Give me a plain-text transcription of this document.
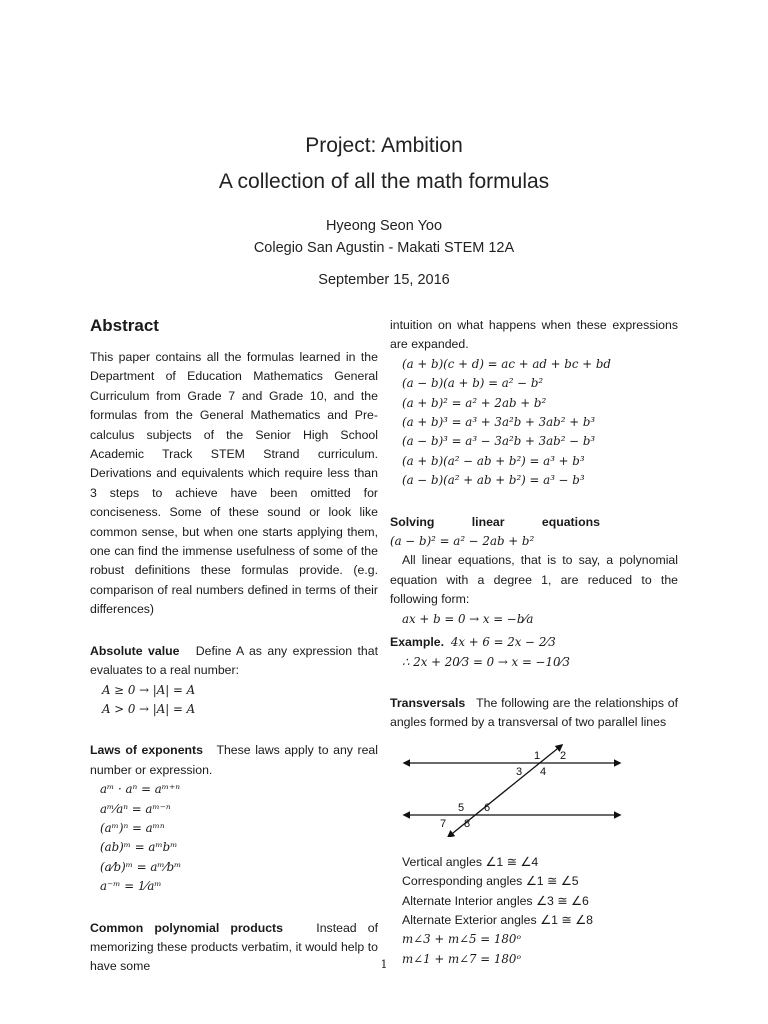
Project: Ambition
A collection of all the math formulas
Hyeong Seon Yoo
Colegio San Agustin - Makati STEM 12A
September 15, 2016
Abstract

This paper contains all the formulas learned in the Department of Education Mathematics General Curriculum from Grade 7 and Grade 10, and the formulas from the General Mathematics and Pre-calculus subjects of the Senior High School Academic Track STEM Strand curriculum. Derivations and equivalents which require less than 3 steps to achieve have been omitted for conciseness. Some of these sound or look like common sense, but when one starts applying them, one can find the immense usefulness of some of the robust definitions these formulas provide. (e.g. comparison of real numbers defined in terms of their differences)

Absolute value Define A as any expression that evaluates to a real number:

A ≥ 0 → |A| = A
A > 0 → |A| = A

Laws of exponents These laws apply to any real number or expression.

aᵐ · aⁿ = aᵐ⁺ⁿ
aᵐ⁄aⁿ = aᵐ⁻ⁿ
(aᵐ)ⁿ = aᵐⁿ
(ab)ᵐ = aᵐbᵐ
(a⁄b)ᵐ = aᵐ⁄bᵐ
a⁻ᵐ = 1⁄aᵐ

Common polynomial products	Instead of memorizing these products verbatim, it would help to have some

intuition on what happens when these expressions are expanded.

(a + b)(c + d) = ac + ad + bc + bd
(a − b)(a + b) = a² − b²
(a + b)² = a² + 2ab + b²
(a + b)³ = a³ + 3a²b + 3ab² + b³
(a − b)³ = a³ − 3a²b + 3ab² − b³
(a + b)(a² − ab + b²) = a³ + b³
(a − b)(a² + ab + b²) = a³ − b³

Solving linear equations    (a − b)² = a² − 2ab + b²

All linear equations, that is to say, a polynomial equation with a degree 1, are reduced to the following form:

ax + b = 0 → x = −b⁄a

Example. 4x + 6 = 2x − 2⁄3

∴ 2x + 20⁄3 = 0 → x = −10⁄3

Transversals The following are the relationships of angles formed by a transversal of two parallel lines

1 2
3 4
5 6
7 8
Vertical angles ∠1 ≅ ∠4
Corresponding angles ∠1 ≅ ∠5
Alternate Interior angles ∠3 ≅ ∠6
Alternate Exterior angles ∠1 ≅ ∠8
m∠3 + m∠5 = 180ᵒ
m∠1 + m∠7 = 180ᵒ
1
